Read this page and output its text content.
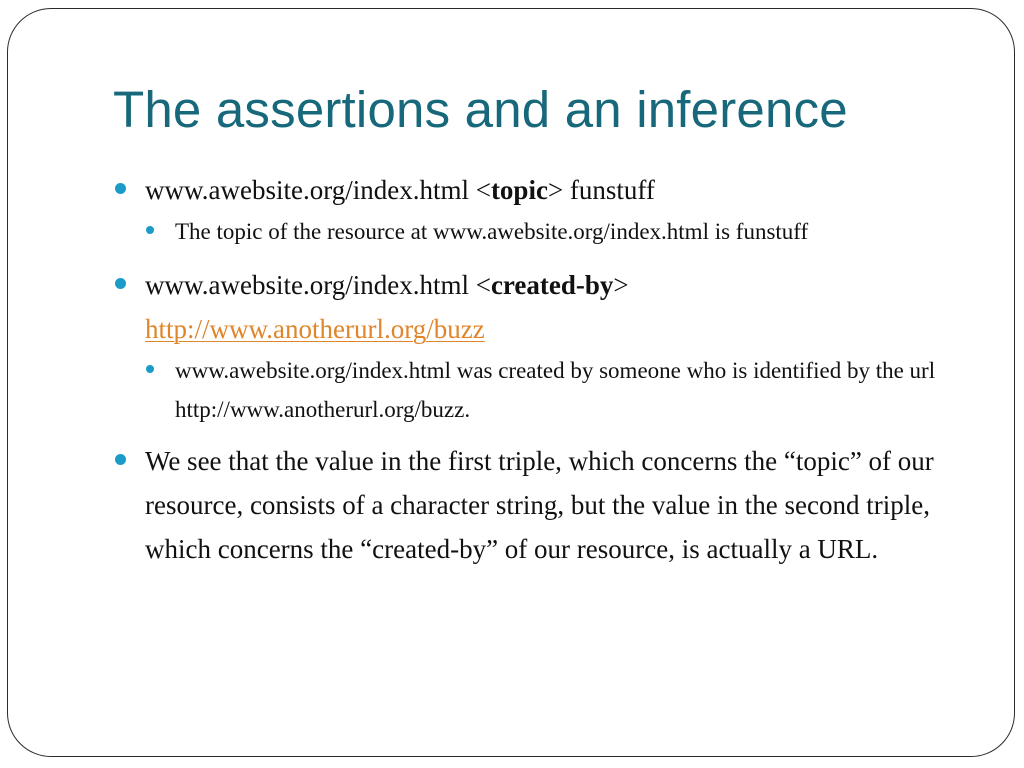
The assertions and an inference
www.awebsite.org/index.html <topic> funstuff
The topic of the resource at www.awebsite.org/index.html is funstuff
www.awebsite.org/index.html <created-by>
http://www.anotherurl.org/buzz
www.awebsite.org/index.html was created by someone who is identified by the url http://www.anotherurl.org/buzz.
We see that the value in the first triple, which concerns the “topic” of our resource, consists of a character string, but the value in the second triple, which concerns the “created-by” of our resource, is actually a URL.
